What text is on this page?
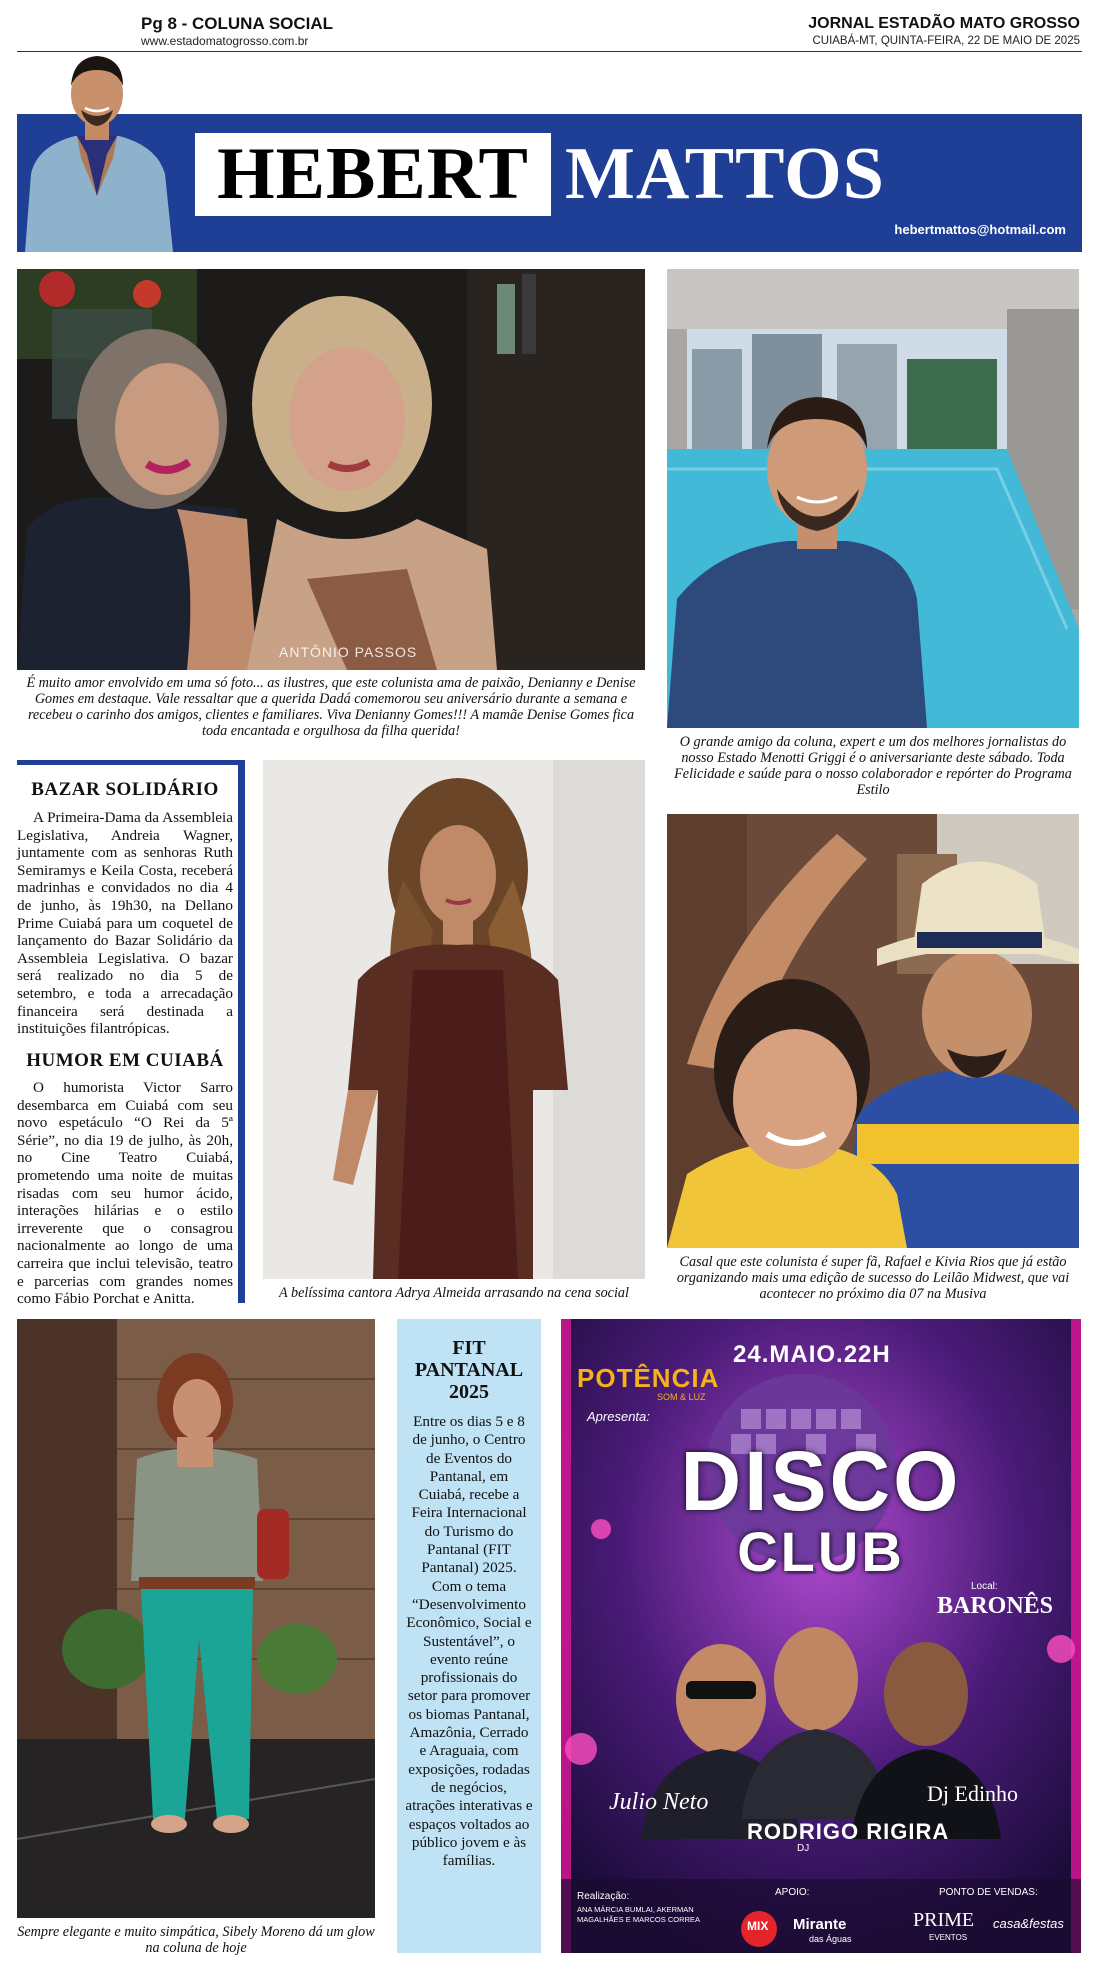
Pg 8 - COLUNA SOCIAL
www.estadomatogrosso.com.br
JORNAL ESTADÃO MATO GROSSO
CUIABÁ-MT, QUINTA-FEIRA, 22 DE MAIO DE 2025
HEBERT MATTOS
hebertmattos@hotmail.com
ANTÔNIO PASSOS
É muito amor envolvido em uma só foto... as ilustres, que este colunista ama de paixão, Denianny e Denise Gomes em destaque. Vale ressaltar que a querida Dadá comemorou seu aniversário durante a semana e recebeu o carinho dos amigos, clientes e familiares. Viva Denianny Gomes!!! A mamãe Denise Gomes fica toda encantada e orgulhosa da filha querida!
O grande amigo da coluna, expert e um dos melhores jornalistas do nosso Estado Menotti Griggi é o aniversariante deste sábado. Toda Felicidade e saúde para o nosso colaborador e repórter do Programa Estilo
BAZAR SOLIDÁRIO
A Primeira-Dama da Assembleia Legislativa, Andreia Wagner, juntamente com as senhoras Ruth Semiramys e Keila Costa, receberá madrinhas e convidados no dia 4 de junho, às 19h30, na Dellano Prime Cuiabá para um coquetel de lançamento do Bazar Solidário da Assembleia Legislativa. O bazar será realizado no dia 5 de setembro, e toda a arrecadação financeira será destinada a instituições filantrópicas.
HUMOR EM CUIABÁ
O humorista Victor Sarro desembarca em Cuiabá com seu novo espetáculo “O Rei da 5ª Série”, no dia 19 de julho, às 20h, no Cine Teatro Cuiabá, prometendo uma noite de muitas risadas com seu humor ácido, interações hilárias e o estilo irreverente que o consagrou nacionalmente ao longo de uma carreira que inclui televisão, teatro e parcerias com grandes nomes como Fábio Porchat e Anitta.	A belíssima cantora Adrya Almeida arrasando na cena social
Casal que este colunista é super fã, Rafael e Kivia Rios que já estão organizando mais uma edição de sucesso do Leilão Midwest, que vai acontecer no próximo dia 07 na Musiva
Sempre elegante e muito simpática, Sibely Moreno dá um glow na coluna de hoje
FIT
PANTANAL
2025
Entre os dias 5 e 8 de junho, o Centro de Eventos do Pantanal, em Cuiabá, recebe a Feira Internacional do Turismo do Pantanal (FIT Pantanal) 2025. Com o tema “Desenvolvimento Econômico, Social e Sustentável”, o evento reúne profissionais do setor para promover os biomas Pantanal, Amazônia, Cerrado e Araguaia, com exposições, rodadas de negócios, atrações interativas e espaços voltados ao público jovem e às famílias.
POTÊNCIA
SOM & LUZ
Apresenta:
24.MAIO.22H
DISCO
CLUB
Local:
BARONÊS
Julio Neto
RODRIGO RIGIRA
DJ
Dj Edinho
Realização:
ANA MÁRCIA BUMLAI, AKERMAN MAGALHÃES E MARCOS CORREA
APOIO:
MIX Mirante
das Águas
PONTO DE VENDAS:
PRIME
EVENTOS
casa&festas
